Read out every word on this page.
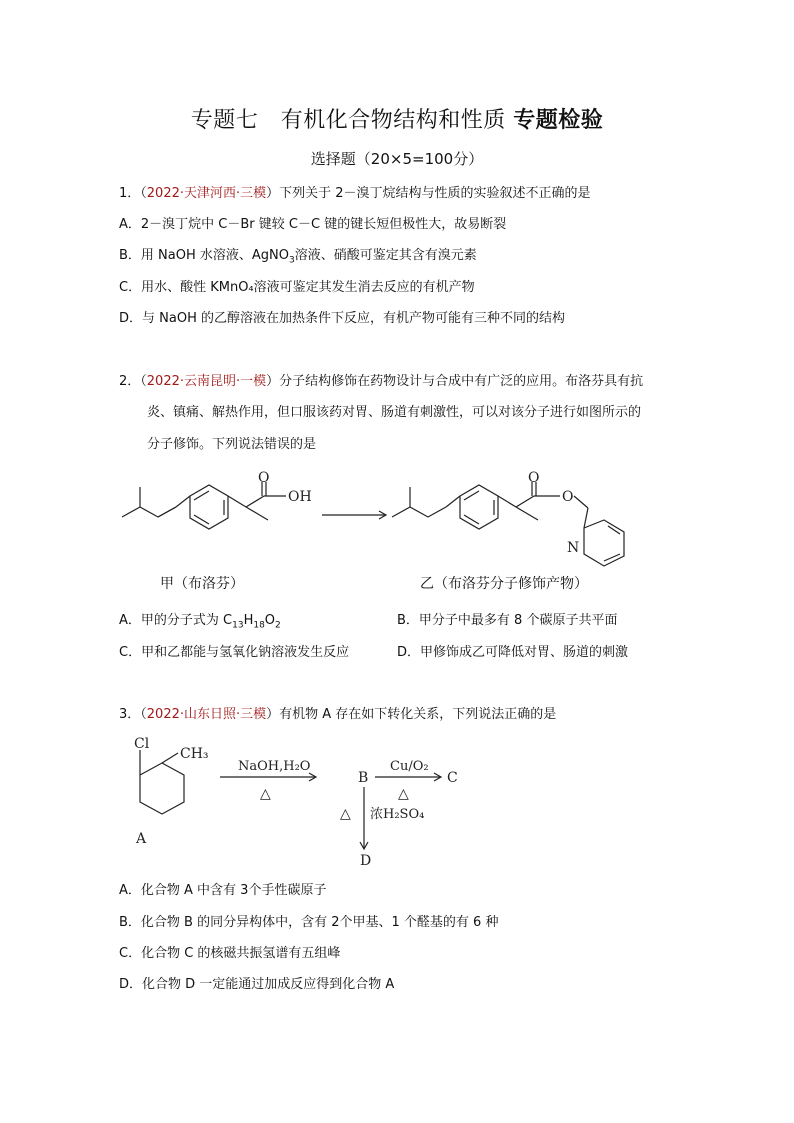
专题七　有机化合物结构和性质 专题检验
选择题（20×5=100分）
1．（2022·天津河西·三模）下列关于 2－溴丁烷结构与性质的实验叙述不正确的是
A．2－溴丁烷中 C－Br 键较 C－C 键的键长短但极性大，故易断裂
B．用 NaOH 水溶液、AgNO$_3$溶液、硝酸可鉴定其含有溴元素
C．用水、酸性 KMnO₄溶液可鉴定其发生消去反应的有机产物
D．与 NaOH 的乙醇溶液在加热条件下反应，有机产物可能有三种不同的结构
2．（2022·云南昆明·一模）分子结构修饰在药物设计与合成中有广泛的应用。布洛芬具有抗
炎、镇痛、解热作用，但口服该药对胃、肠道有刺激性，可以对该分子进行如图所示的
分子修饰。下列说法错误的是
O
OH
O
O
N
甲（布洛芬）	乙（布洛芬分子修饰产物）
A．甲的分子式为 $C_{13}H_{18}O_2$	B．甲分子中最多有 8 个碳原子共平面
C．甲和乙都能与氢氧化钠溶液发生反应	D．甲修饰成乙可降低对胃、肠道的刺激
3．（2022·山东日照·三模）有机物 A 存在如下转化关系，下列说法正确的是
Cl
CH₃
A
NaOH,H₂O
△
B
Cu/O₂
△
C
△ 浓H₂SO₄
D
A．化合物 A 中含有 3个手性碳原子
B．化合物 B 的同分异构体中，含有 2个甲基、1 个醛基的有 6 种
C．化合物 C 的核磁共振氢谱有五组峰
D．化合物 D 一定能通过加成反应得到化合物 A
